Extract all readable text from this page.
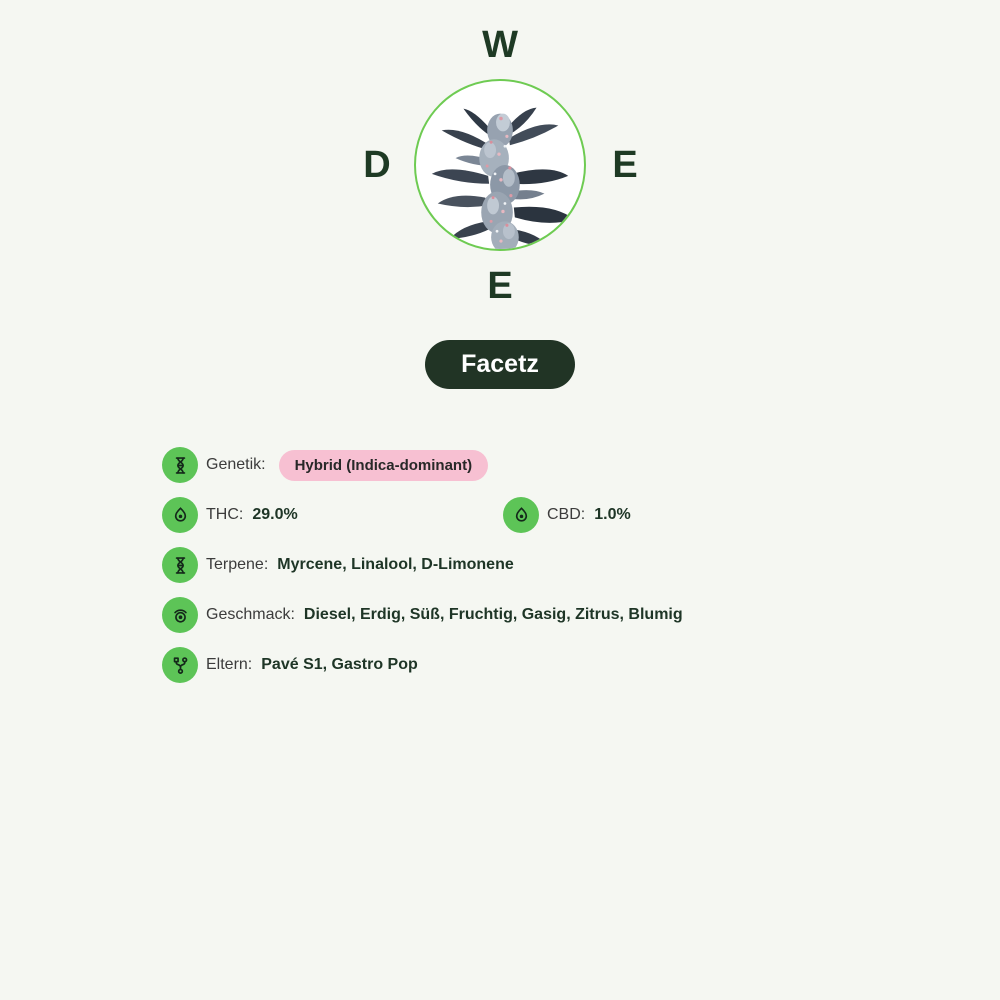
W
D	E
E
Facetz
Genetik:	Hybrid (Indica-dominant)
THC: 29.0%	CBD: 1.0%
Terpene: Myrcene, Linalool, D-Limonene
Geschmack: Diesel, Erdig, Süß, Fruchtig, Gasig, Zitrus, Blumig
Eltern: Pavé S1, Gastro Pop
